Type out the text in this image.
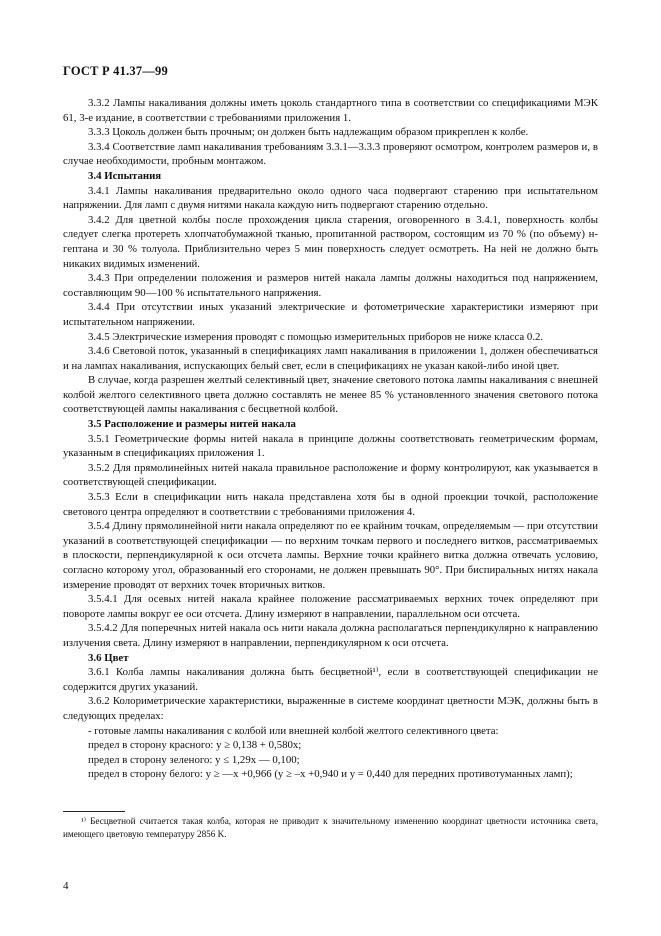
ГОСТ Р 41.37—99

3.3.2 Лампы накаливания должны иметь цоколь стандартного типа в соответствии со спецификациями МЭК 61, 3-е издание, в соответствии с требованиями приложения 1.

3.3.3 Цоколь должен быть прочным; он должен быть надлежащим образом прикреплен к колбе.

3.3.4 Соответствие ламп накаливания требованиям 3.3.1—3.3.3 проверяют осмотром, контролем размеров и, в случае необходимости, пробным монтажом.

3.4 Испытания

3.4.1 Лампы накаливания предварительно около одного часа подвергают старению при испытательном напряжении. Для ламп с двумя нитями накала каждую нить подвергают старению отдельно.

3.4.2 Для цветной колбы после прохождения цикла старения, оговоренного в 3.4.1, поверхность колбы следует слегка протереть хлопчатобумажной тканью, пропитанной раствором, состоящим из 70 % (по объему) н-гептана и 30 % толуола. Приблизительно через 5 мин поверхность следует осмотреть. На ней не должно быть никаких видимых изменений.

3.4.3 При определении положения и размеров нитей накала лампы должны находиться под напряжением, составляющим 90—100 % испытательного напряжения.

3.4.4 При отсутствии иных указаний электрические и фотометрические характеристики измеряют при испытательном напряжении.

3.4.5 Электрические измерения проводят с помощью измерительных приборов не ниже класса 0.2.

3.4.6 Световой поток, указанный в спецификациях ламп накаливания в приложении 1, должен обеспечиваться и на лампах накаливания, испускающих белый свет, если в спецификациях не указан какой-либо иной цвет.

В случае, когда разрешен желтый селективный цвет, значение светового потока лампы накаливания с внешней колбой желтого селективного цвета должно составлять не менее 85 % установленного значения светового потока соответствующей лампы накаливания с бесцветной колбой.

3.5 Расположение и размеры нитей накала

3.5.1 Геометрические формы нитей накала в принципе должны соответствовать геометрическим формам, указанным в спецификациях приложения 1.

3.5.2 Для прямолинейных нитей накала правильное расположение и форму контролируют, как указывается в соответствующей спецификации.

3.5.3 Если в спецификации нить накала представлена хотя бы в одной проекции точкой, расположение светового центра определяют в соответствии с требованиями приложения 4.

3.5.4 Длину прямолинейной нити накала определяют по ее крайним точкам, определяемым — при отсутствии указаний в соответствующей спецификации — по верхним точкам первого и последнего витков, рассматриваемых в плоскости, перпендикулярной к оси отсчета лампы. Верхние точки крайнего витка должна отвечать условию, согласно которому угол, образованный его сторонами, не должен превышать 90°. При биспиральных нитях накала измерение проводят от верхних точек вторичных витков.

3.5.4.1 Для осевых нитей накала крайнее положение рассматриваемых верхних точек определяют при повороте лампы вокруг ее оси отсчета. Длину измеряют в направлении, параллельном оси отсчета.

3.5.4.2 Для поперечных нитей накала ось нити накала должна располагаться перпендикулярно к направлению излучения света. Длину измеряют в направлении, перпендикулярном к оси отсчета.

3.6 Цвет

3.6.1 Колба лампы накаливания должна быть бесцветной¹⁾, если в соответствующей спецификации не содержится других указаний.

3.6.2 Колориметрические характеристики, выраженные в системе координат цветности МЭК, должны быть в следующих пределах:

- готовые лампы накаливания с колбой или внешней колбой желтого селективного цвета:

предел в сторону красного: y ≥ 0,138 + 0,580x;

предел в сторону зеленого: y ≤ 1,29x — 0,100;

предел в сторону белого: y ≥ —x +0,966 (y ≥ –x +0,940 и y = 0,440 для передних противотуманных ламп);

¹⁾ Бесцветной считается такая колба, которая не приводит к значительному изменению координат цветности источника света, имеющего цветовую температуру 2856 K.
4
